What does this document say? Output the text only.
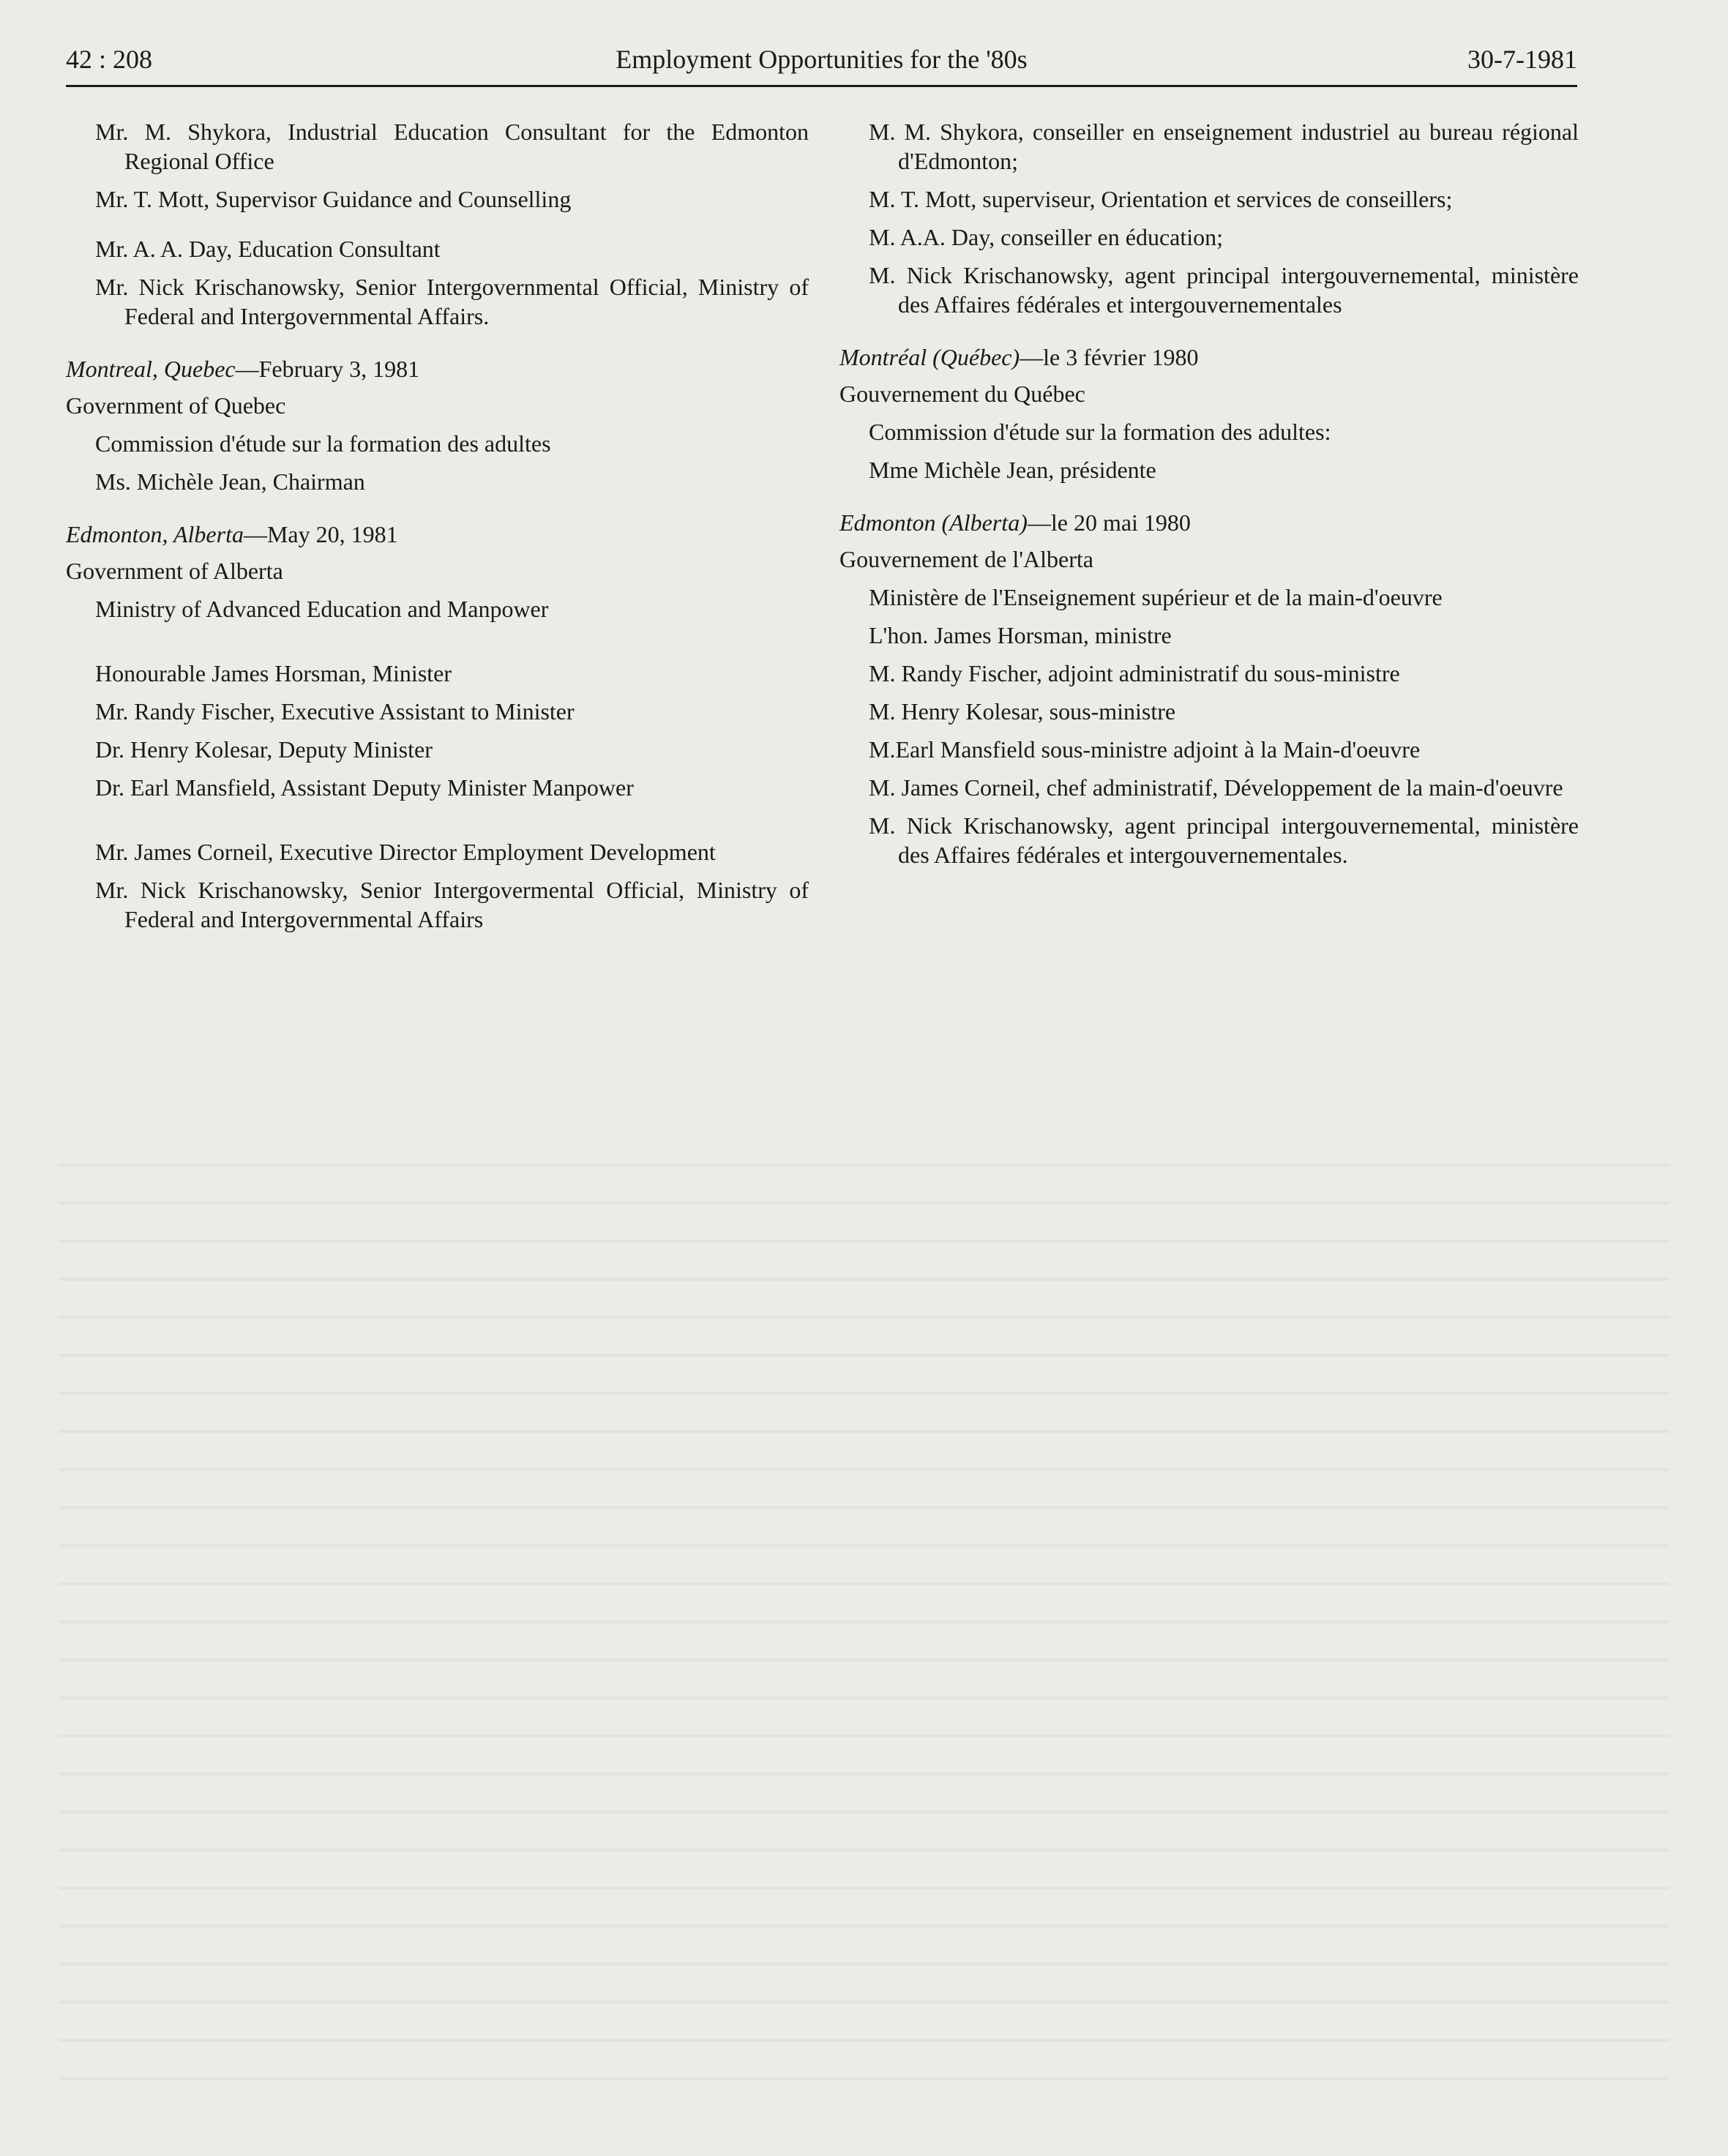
42 : 208	Employment Opportunities for the '80s	30-7-1981

Mr. M. Shykora, Industrial Education Consultant for the Edmonton Regional Office

Mr. T. Mott, Supervisor Guidance and Counselling

Mr. A. A. Day, Education Consultant

Mr. Nick Krischanowsky, Senior Intergovernmental Official, Ministry of Federal and Intergovernmental Affairs.

Montreal, Quebec—February 3, 1981

Government of Quebec

Commission d'étude sur la formation des adultes

Ms. Michèle Jean, Chairman

Edmonton, Alberta—May 20, 1981

Government of Alberta

Ministry of Advanced Education and Manpower

Honourable James Horsman, Minister

Mr. Randy Fischer, Executive Assistant to Minister

Dr. Henry Kolesar, Deputy Minister

Dr. Earl Mansfield, Assistant Deputy Minister Manpower

Mr. James Corneil, Executive Director Employment Development

Mr. Nick Krischanowsky, Senior Intergovermental Official, Ministry of Federal and Intergovernmental Affairs

M. M. Shykora, conseiller en enseignement industriel au bureau régional d'Edmonton;

M. T. Mott, superviseur, Orientation et services de conseillers;

M. A.A. Day, conseiller en éducation;

M. Nick Krischanowsky, agent principal intergouvernemental, ministère des Affaires fédérales et intergouvernementales

Montréal (Québec)—le 3 février 1980

Gouvernement du Québec

Commission d'étude sur la formation des adultes:

Mme Michèle Jean, présidente

Edmonton (Alberta)—le 20 mai 1980

Gouvernement de l'Alberta

Ministère de l'Enseignement supérieur et de la main-d'oeuvre

L'hon. James Horsman, ministre

M. Randy Fischer, adjoint administratif du sous-ministre

M. Henry Kolesar, sous-ministre

M.Earl Mansfield sous-ministre adjoint à la Main-d'oeuvre

M. James Corneil, chef administratif, Développement de la main-d'oeuvre

M. Nick Krischanowsky, agent principal intergouvernemental, ministère des Affaires fédérales et intergouvernementales.
